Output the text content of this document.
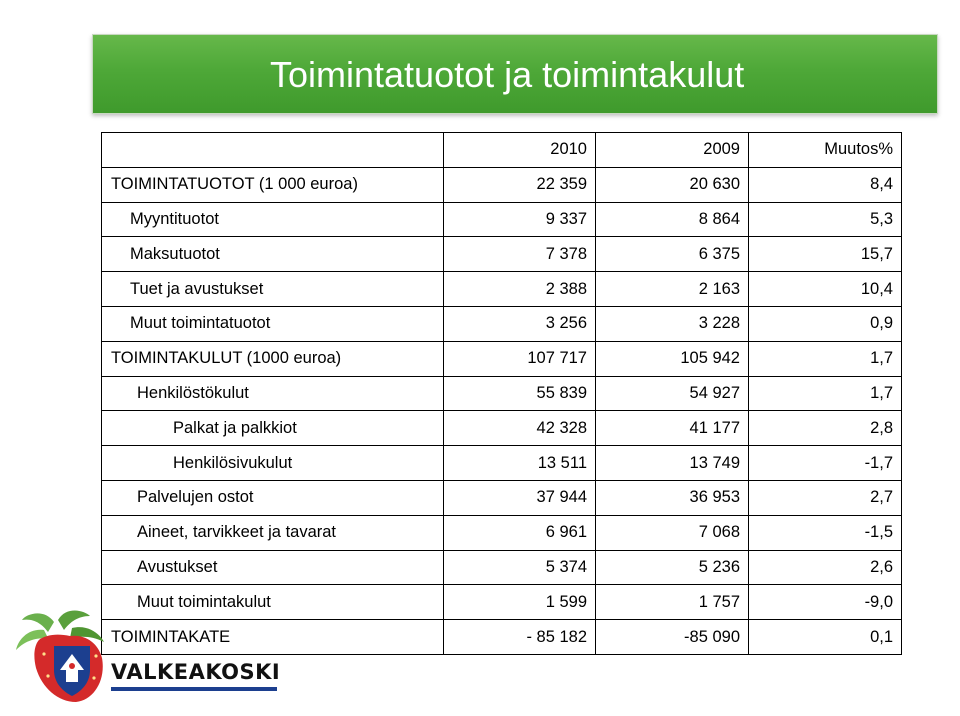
Toimintatuotot ja toimintakulut
	2010	2009	Muutos%
TOIMINTATUOTOT (1 000 euroa)	22 359	20 630	8,4
Myyntituotot	9 337	8 864	5,3
Maksutuotot	7 378	6 375	15,7
Tuet ja avustukset	2 388	2 163	10,4
Muut toimintatuotot	3 256	3 228	0,9
TOIMINTAKULUT (1000 euroa)	107 717	105 942	1,7
Henkilöstökulut	55 839	54 927	1,7
Palkat ja palkkiot	42 328	41 177	2,8
Henkilösivukulut	13 511	13 749	-1,7
Palvelujen ostot	37 944	36 953	2,7
Aineet, tarvikkeet ja tavarat	6 961	7 068	-1,5
Avustukset	5 374	5 236	2,6
Muut toimintakulut	1 599	1 757	-9,0
TOIMINTAKATE	- 85 182	-85 090	0,1
VALKEAKOSKI
